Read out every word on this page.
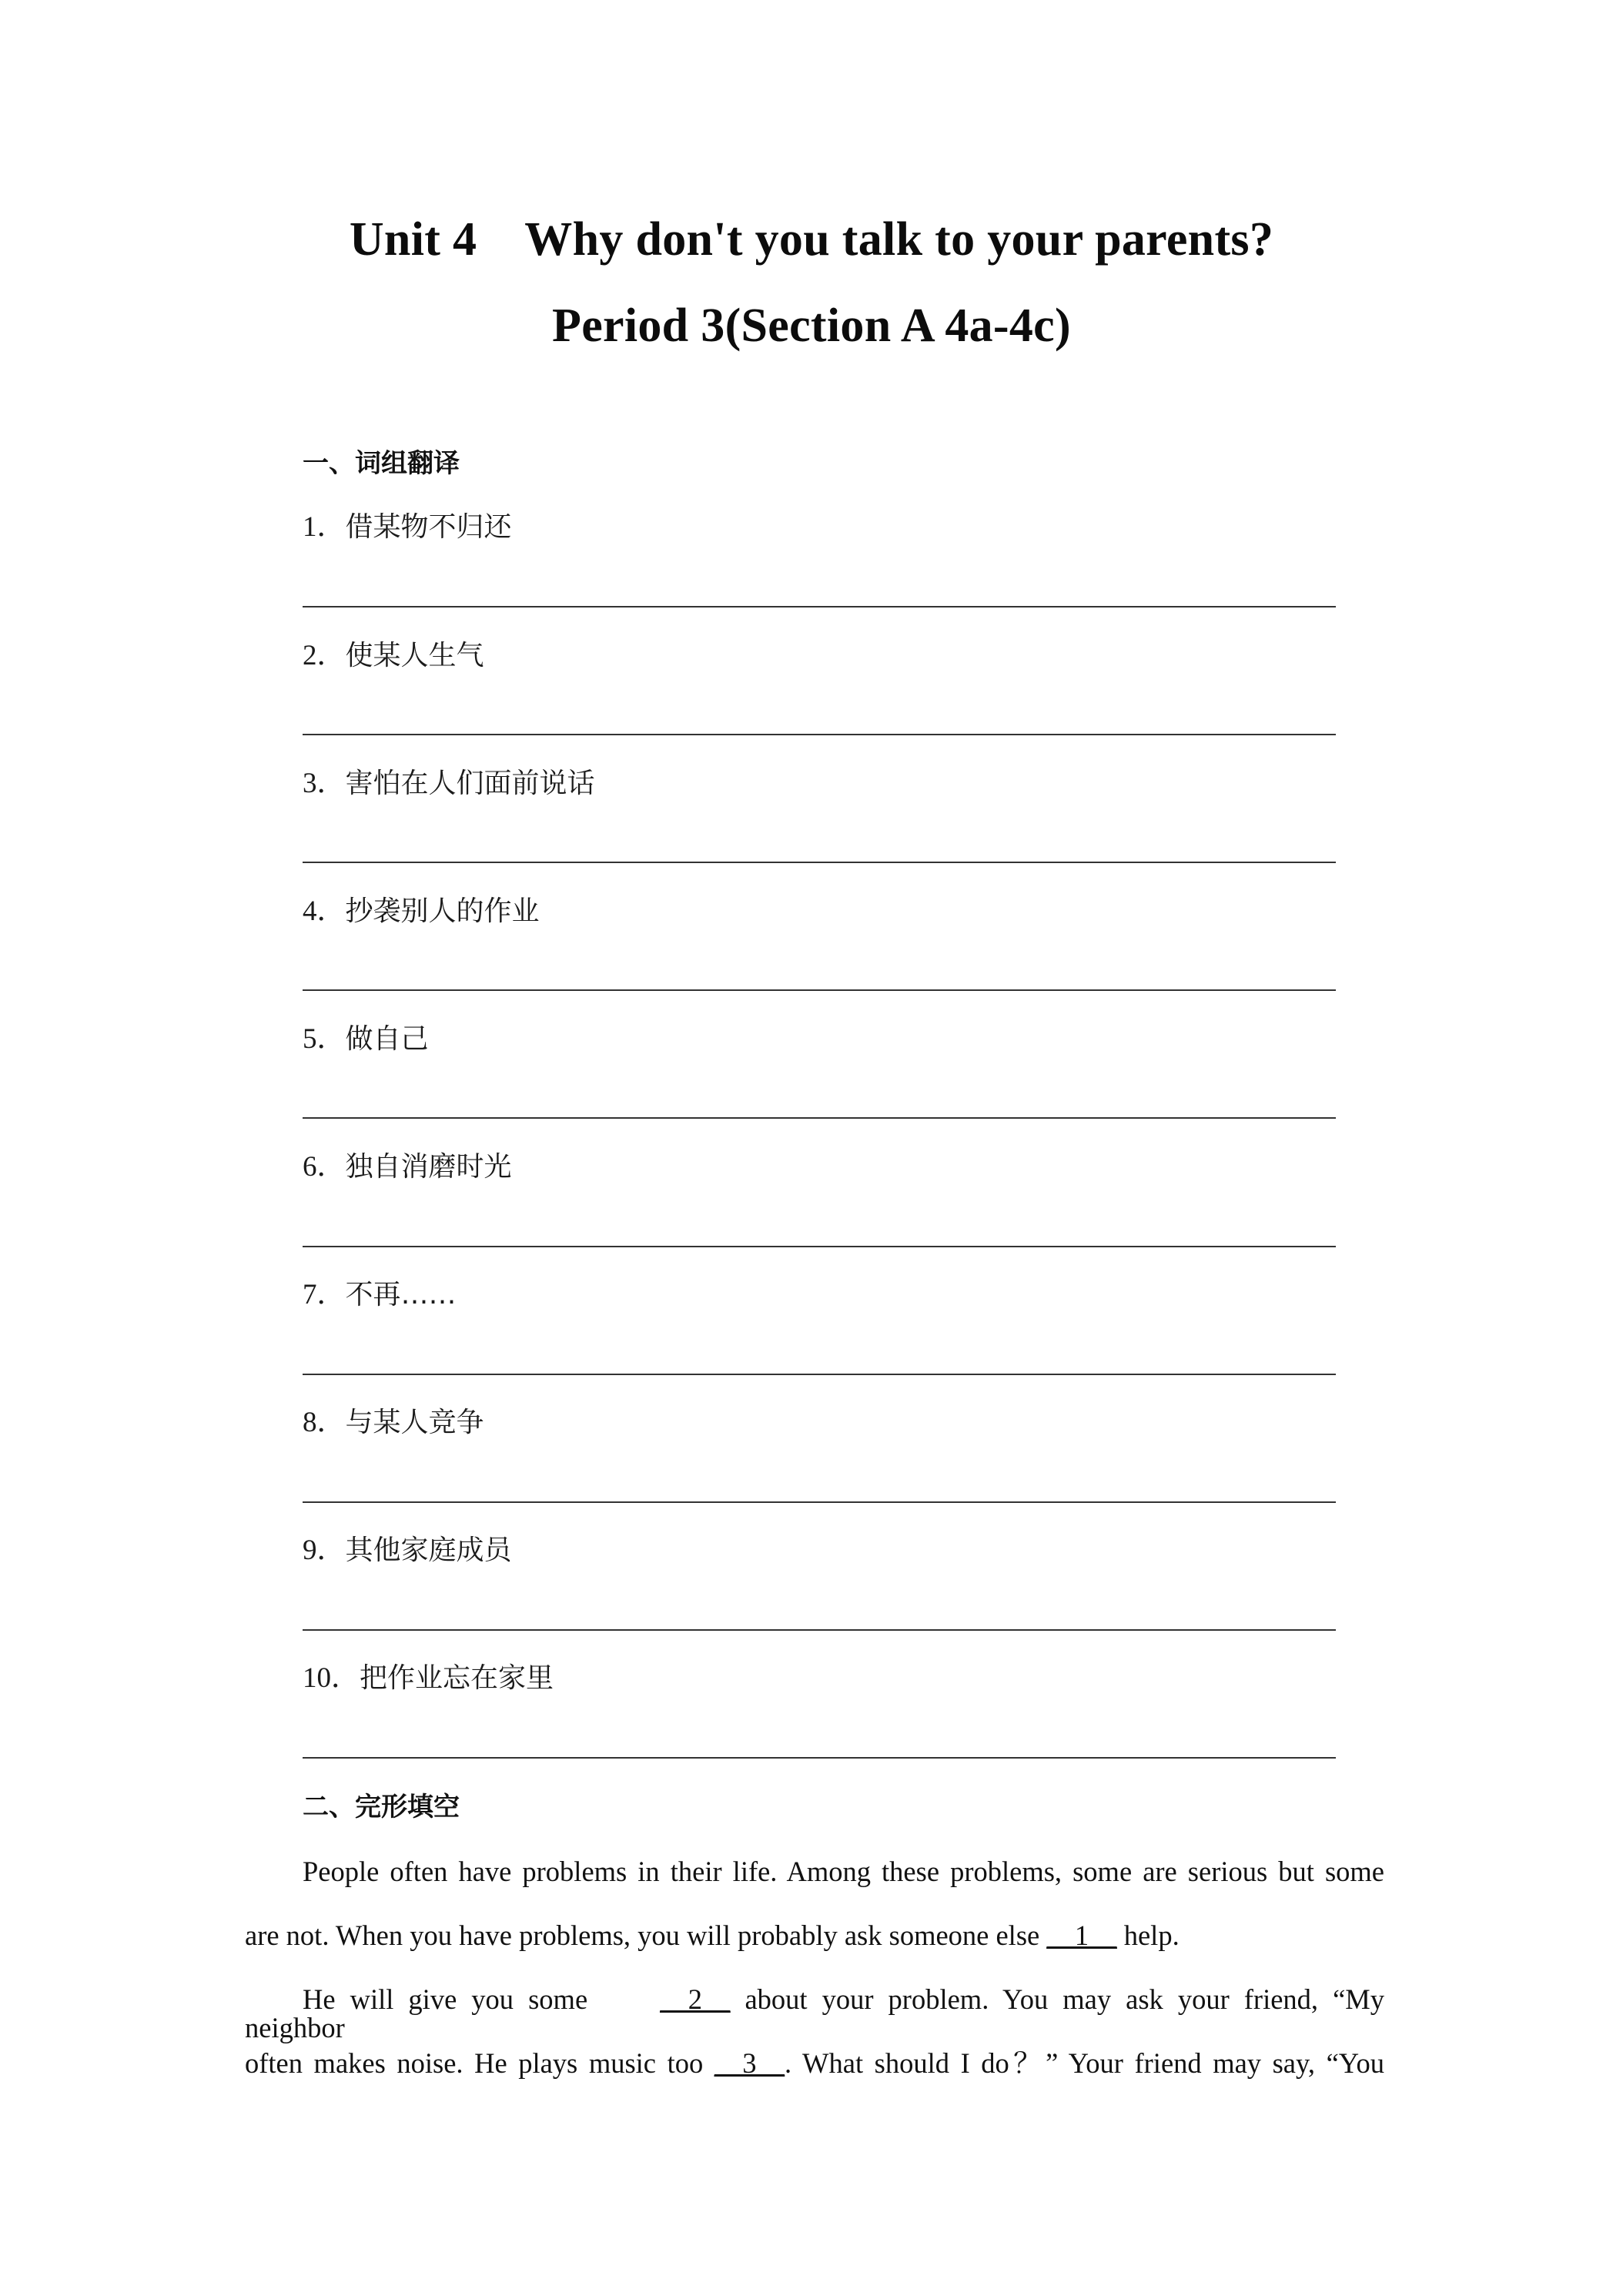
Unit 4 Why don't you talk to your parents?
Period 3(Section A 4a-4c)
一、词组翻译
1．借某物不归还
2．使某人生气
3．害怕在人们面前说话
4．抄袭别人的作业
5．做自己
6．独自消磨时光
7．不再……
8．与某人竞争
9．其他家庭成员
10．把作业忘在家里
二、完形填空
People often have problems in their life. Among these problems, some are serious but some
are not. When you have problems, you will probably ask someone else __1__ help.
He will give you some __2__ about your problem. You may ask your friend, “My neighbor
often makes noise. He plays music too __3__. What should I do？” Your friend may say, “You
